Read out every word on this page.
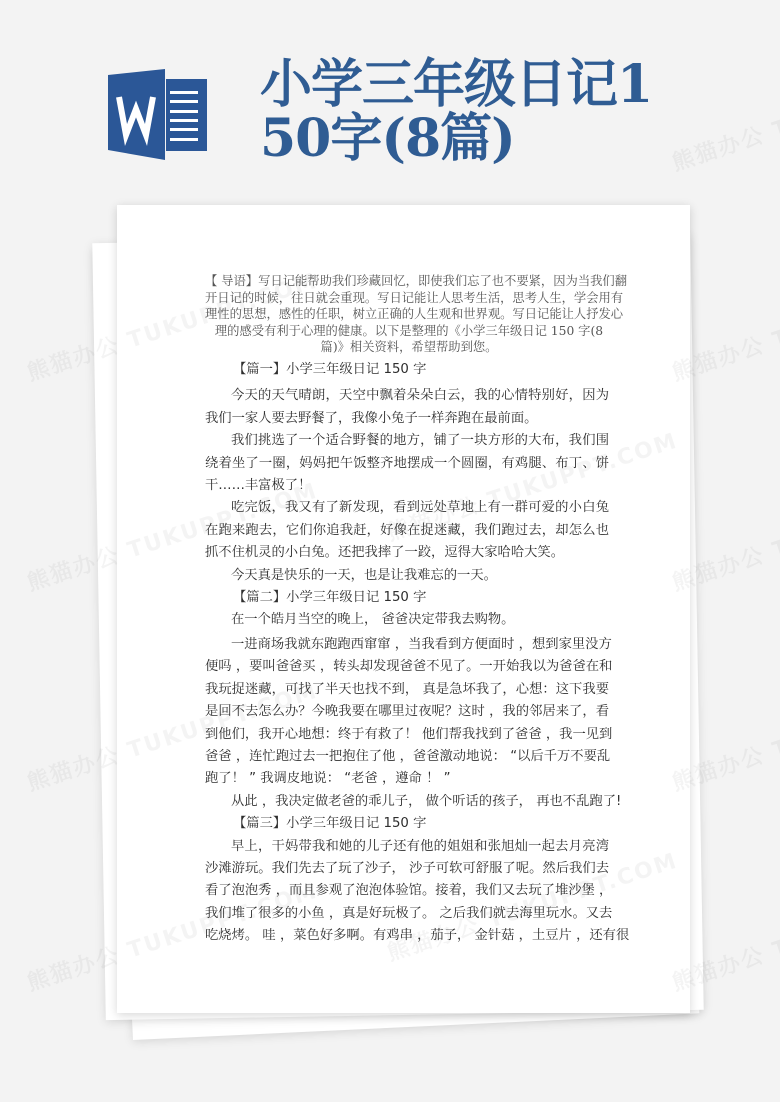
小学三年级日记1
50字(8篇)
【 导语】写日记能帮助我们珍藏回忆，即使我们忘了也不要紧，因为当我们翻
开日记的时候，往日就会重现。写日记能让人思考生活，思考人生，学会用有
理性的思想，感性的任职，树立正确的人生观和世界观。写日记能让人抒发心
理的感受有利于心理的健康。以下是整理的《小学三年级日记 150 字(8
篇)》相关资料，希望帮助到您。
【篇一】小学三年级日记 150 字
今天的天气晴朗，天空中飘着朵朵白云，我的心情特别好，因为
我们一家人要去野餐了，我像小兔子一样奔跑在最前面。
我们挑选了一个适合野餐的地方，铺了一块方形的大布，我们围
绕着坐了一圈，妈妈把午饭整齐地摆成一个圆圈，有鸡腿、布丁、饼
干……丰富极了！
吃完饭，我又有了新发现，看到远处草地上有一群可爱的小白兔
在跑来跑去，它们你追我赶，好像在捉迷藏，我们跑过去，却怎么也
抓不住机灵的小白兔。还把我摔了一跤，逗得大家哈哈大笑。
今天真是快乐的一天，也是让我难忘的一天。
【篇二】小学三年级日记 150 字
在一个皓月当空的晚上， 爸爸决定带我去购物。
一进商场我就东跑跑西窜窜 ，当我看到方便面时 ，想到家里没方
便吗 ，要叫爸爸买 ，转头却发现爸爸不见了。一开始我以为爸爸在和
我玩捉迷藏，可找了半天也找不到， 真是急坏我了，心想：这下我要
是回不去怎么办？今晚我要在哪里过夜呢？这时 ，我的邻居来了，看
到他们，我开心地想：终于有救了！ 他们帮我找到了爸爸 ，我一见到
爸爸 ，连忙跑过去一把抱住了他 ，爸爸激动地说： “以后千万不要乱
跑了！ ” 我调皮地说： “老爸 ，遵命 ！ ”
从此 ，我决定做老爸的乖儿子， 做个听话的孩子， 再也不乱跑了!
【篇三】小学三年级日记 150 字
早上，干妈带我和她的儿子还有他的姐姐和张旭灿一起去月亮湾
沙滩游玩。我们先去了玩了沙子， 沙子可软可舒服了呢。然后我们去
看了泡泡秀 ，而且参观了泡泡体验馆。接着，我们又去玩了堆沙堡 ，
我们堆了很多的小鱼 ，真是好玩极了。 之后我们就去海里玩水。又去
吃烧烤。 哇 ，菜色好多啊。有鸡串 ，茄子， 金针菇 ，土豆片 ，还有很
